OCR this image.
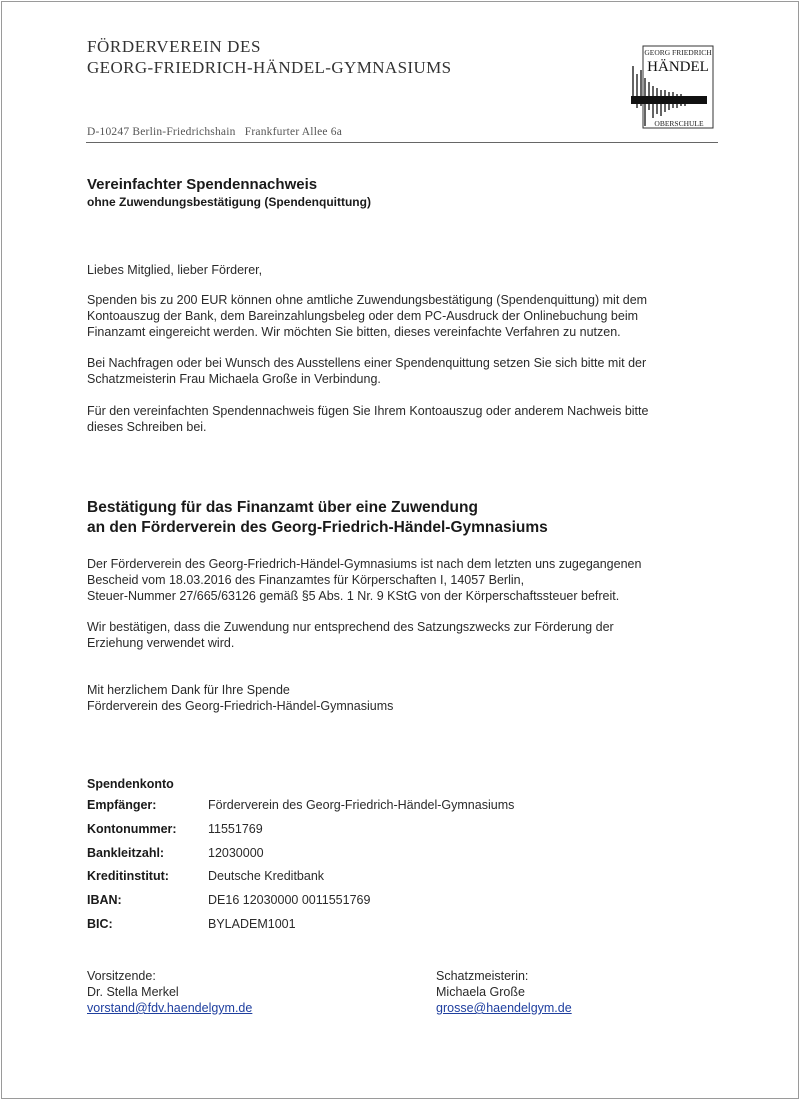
FÖRDERVEREIN DES
GEORG-FRIEDRICH-HÄNDEL-GYMNASIUMS
GEORG FRIEDRICH
HÄNDEL
OBERSCHULE
D-10247 Berlin-Friedrichshain   Frankfurter Allee 6a
Vereinfachter Spendennachweis
ohne Zuwendungsbestätigung (Spendenquittung)
Liebes Mitglied, lieber Förderer,
Spenden bis zu 200 EUR können ohne amtliche Zuwendungsbestätigung (Spendenquittung) mit dem
Kontoauszug der Bank, dem Bareinzahlungsbeleg oder dem PC-Ausdruck der Onlinebuchung beim
Finanzamt eingereicht werden. Wir möchten Sie bitten, dieses vereinfachte Verfahren zu nutzen.
Bei Nachfragen oder bei Wunsch des Ausstellens einer Spendenquittung setzen Sie sich bitte mit der
Schatzmeisterin Frau Michaela Große in Verbindung.
Für den vereinfachten Spendennachweis fügen Sie Ihrem Kontoauszug oder anderem Nachweis bitte
dieses Schreiben bei.
Bestätigung für das Finanzamt über eine Zuwendung
an den Förderverein des Georg-Friedrich-Händel-Gymnasiums
Der Förderverein des Georg-Friedrich-Händel-Gymnasiums ist nach dem letzten uns zugegangenen
Bescheid vom 18.03.2016 des Finanzamtes für Körperschaften I, 14057 Berlin,
Steuer-Nummer 27/665/63126 gemäß §5 Abs. 1 Nr. 9 KStG von der Körperschaftssteuer befreit.
Wir bestätigen, dass die Zuwendung nur entsprechend des Satzungszwecks zur Förderung der
Erziehung verwendet wird.
Mit herzlichem Dank für Ihre Spende
Förderverein des Georg-Friedrich-Händel-Gymnasiums
Spendenkonto
Empfänger:	Förderverein des Georg-Friedrich-Händel-Gymnasiums
Kontonummer:	11551769
Bankleitzahl:	12030000
Kreditinstitut:	Deutsche Kreditbank
IBAN:	DE16 12030000 0011551769
BIC:	BYLADEM1001
Vorsitzende:
Dr. Stella Merkel
vorstand@fdv.haendelgym.de
Schatzmeisterin:
Michaela Große
grosse@haendelgym.de
